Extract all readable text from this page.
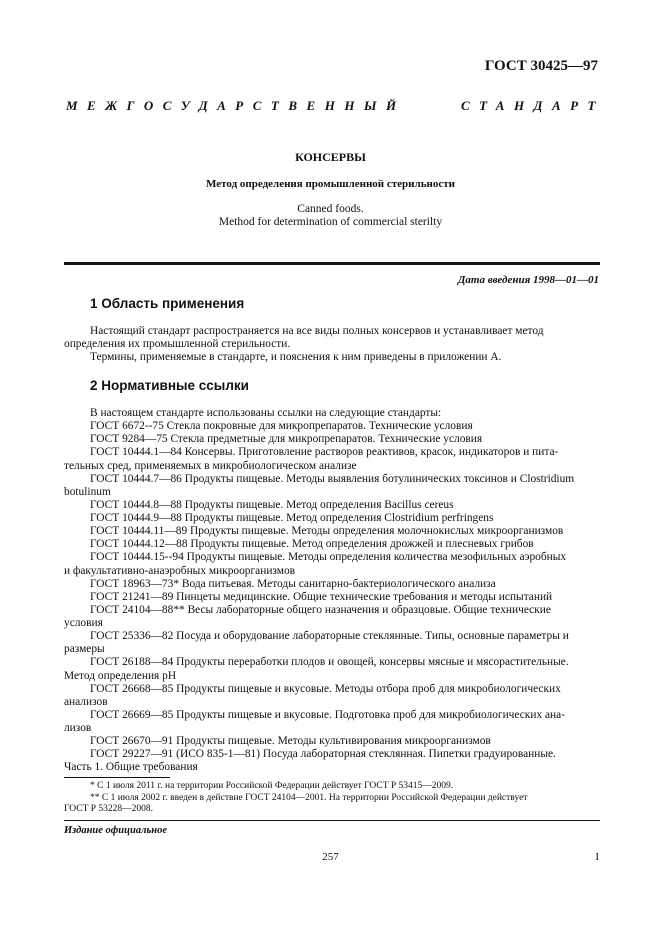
ГОСТ 30425—97
МЕЖГОСУДАРСТВЕННЫЙ	СТАНДАРТ
КОНСЕРВЫ
Метод определения промышленной стерильности
Canned foods.
Method for determination of commercial sterilty
Дата введения 1998—01—01
1 Область применения

Настоящий стандарт распространяется на все виды полных консервов и устанавливает метод

определения их промышленной стерильности.

Термины, применяемые в стандарте, и пояснения к ним приведены в приложении А.

2 Нормативные ссылки

В настоящем стандарте использованы ссылки на следующие стандарты:

ГОСТ 6672--75 Стекла покровные для микропрепаратов. Технические условия

ГОСТ 9284—75 Стекла предметные для микропрепаратов. Технические условия

ГОСТ 10444.1—84 Консервы. Приготовление растворов реактивов, красок, индикаторов и пита-

тельных сред, применяемых в микробиологическом анализе

ГОСТ 10444.7—86 Продукты пищевые. Методы выявления ботулинических токсинов и Clostridium

botulinum

ГОСТ 10444.8—88 Продукты пищевые. Метод определения Bacillus cereus

ГОСТ 10444.9—88 Продукты пищевые. Метод определения Clostridium perfringens

ГОСТ 10444.11—89 Продукты пищевые. Методы определения молочнокислых микроорганизмов

ГОСТ 10444.12—88 Продукты пищевые. Метод определения дрожжей и плесневых грибов

ГОСТ 10444.15--94 Продукты пищевые. Методы определения количества мезофильных аэробных

и факультативно-анаэробных микроорганизмов

ГОСТ 18963—73* Вода питьевая. Методы санитарно-бактериологического анализа

ГОСТ 21241—89 Пинцеты медицинские. Общие технические требования и методы испытаний

ГОСТ 24104—88** Весы лабораторные общего назначения и образцовые. Общие технические

условия

ГОСТ 25336—82 Посуда и оборудование лабораторные стеклянные. Типы, основные параметры и

размеры

ГОСТ 26188—84 Продукты переработки плодов и овощей, консервы мясные и мясорастительные.

Метод определения pH

ГОСТ 26668—85 Продукты пищевые и вкусовые. Методы отбора проб для микробиологических

анализов

ГОСТ 26669—85 Продукты пищевые и вкусовые. Подготовка проб для микробиологических ана-

лизов

ГОСТ 26670—91 Продукты пищевые. Методы культивирования микроорганизмов

ГОСТ 29227—91 (ИСО 835-1—81) Посуда лабораторная стеклянная. Пипетки градуированные.

Часть 1. Общие требования

* С 1 июля 2011 г. на территории Российской Федерации действует ГОСТ Р 53415—2009.

** С 1 июля 2002 г. введен в действие ГОСТ 24104—2001. На территории Российской Федерации действует

ГОСТ Р 53228—2008.

Издание официальное
257	I
